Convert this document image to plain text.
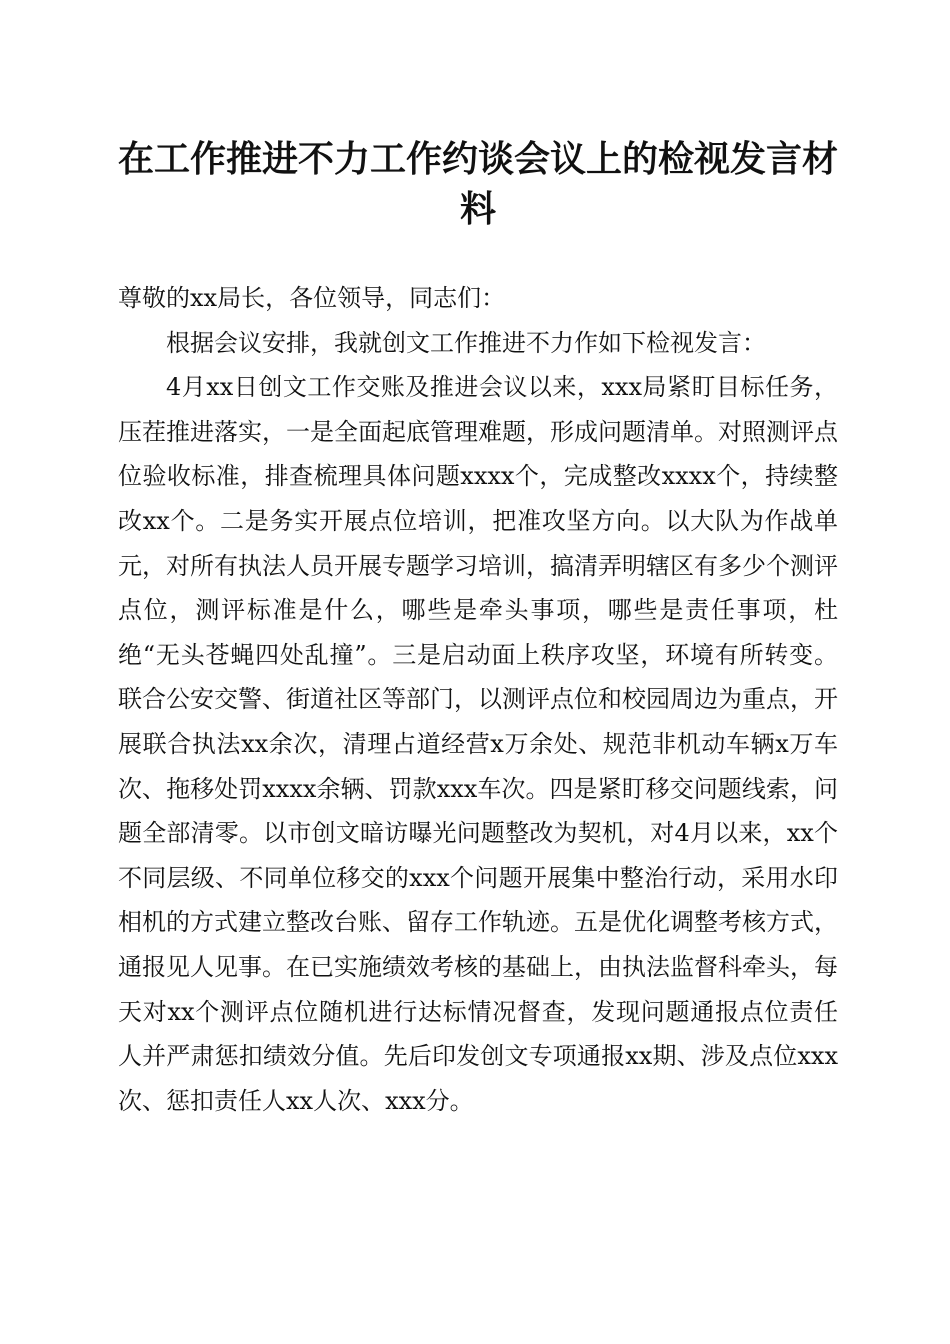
在工作推进不力工作约谈会议上的检视发言材料

尊敬的xx局长，各位领导，同志们：

根据会议安排，我就创文工作推进不力作如下检视发言：

4月xx日创文工作交账及推进会议以来，xxx局紧盯目标任务，压茬推进落实，一是全面起底管理难题，形成问题清单。对照测评点位验收标准，排查梳理具体问题xxxx个，完成整改xxxx个，持续整改xx个。二是务实开展点位培训，把准攻坚方向。以大队为作战单元，对所有执法人员开展专题学习培训，搞清弄明辖区有多少个测评点位，测评标准是什么，哪些是牵头事项，哪些是责任事项，杜绝“无头苍蝇四处乱撞”。三是启动面上秩序攻坚，环境有所转变。联合公安交警、街道社区等部门，以测评点位和校园周边为重点，开展联合执法xx余次，清理占道经营x万余处、规范非机动车辆x万车次、拖移处罚xxxx余辆、罚款xxx车次。四是紧盯移交问题线索，问题全部清零。以市创文暗访曝光问题整改为契机，对4月以来，xx个不同层级、不同单位移交的xxx个问题开展集中整治行动，采用水印相机的方式建立整改台账、留存工作轨迹。五是优化调整考核方式，通报见人见事。在已实施绩效考核的基础上，由执法监督科牵头，每天对xx个测评点位随机进行达标情况督查，发现问题通报点位责任人并严肃惩扣绩效分值。先后印发创文专项通报xx期、涉及点位xxx次、惩扣责任人xx人次、xxx分。
